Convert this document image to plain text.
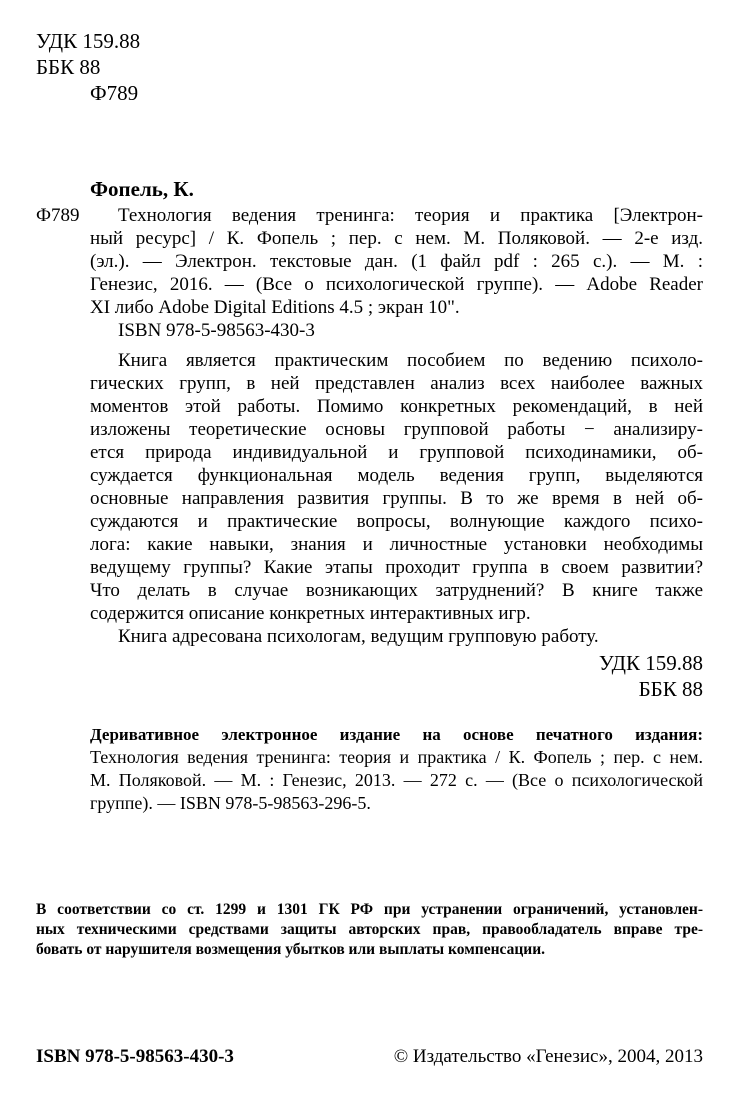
УДК 159.88
ББК 88
Ф789
Фопель, К.
Ф789 Технология ведения тренинга: теория и практика [Электрон-
ный ресурс] / К. Фопель ; пер. с нем. М. Поляковой. — 2-е изд.
(эл.). — Электрон. текстовые дан. (1 файл pdf : 265 с.). — М. :
Генезис, 2016. — (Все о психологической группе). — Adobe Reader
XI либо Adobe Digital Editions 4.5 ; экран 10".
ISBN 978-5-98563-430-3
Книга является практическим пособием по ведению психоло-
гических групп, в ней представлен анализ всех наиболее важных
моментов этой работы. Помимо конкретных рекомендаций, в ней
изложены теоретические основы групповой работы − анализиру-
ется природа индивидуальной и групповой психодинамики, об-
суждается функциональная модель ведения групп, выделяются
основные направления развития группы. В то же время в ней об-
суждаются и практические вопросы, волнующие каждого психо-
лога: какие навыки, знания и личностные установки необходимы
ведущему группы? Какие этапы проходит группа в своем развитии?
Что делать в случае возникающих затруднений? В книге также
содержится описание конкретных интерактивных игр.
Книга адресована психологам, ведущим групповую работу.
УДК 159.88
ББК 88
Деривативное электронное издание на основе печатного издания:
Технология ведения тренинга: теория и практика / К. Фопель ; пер. с нем.
М. Поляковой. — М. : Генезис, 2013. — 272 с. — (Все о психологической
группе). — ISBN 978-5-98563-296-5.
В соответствии со ст. 1299 и 1301 ГК РФ при устранении ограничений, установлен-
ных техническими средствами защиты авторских прав, правообладатель вправе тре-
бовать от нарушителя возмещения убытков или выплаты компенсации.
ISBN 978-5-98563-430-3	© Издательство «Генезис», 2004, 2013
